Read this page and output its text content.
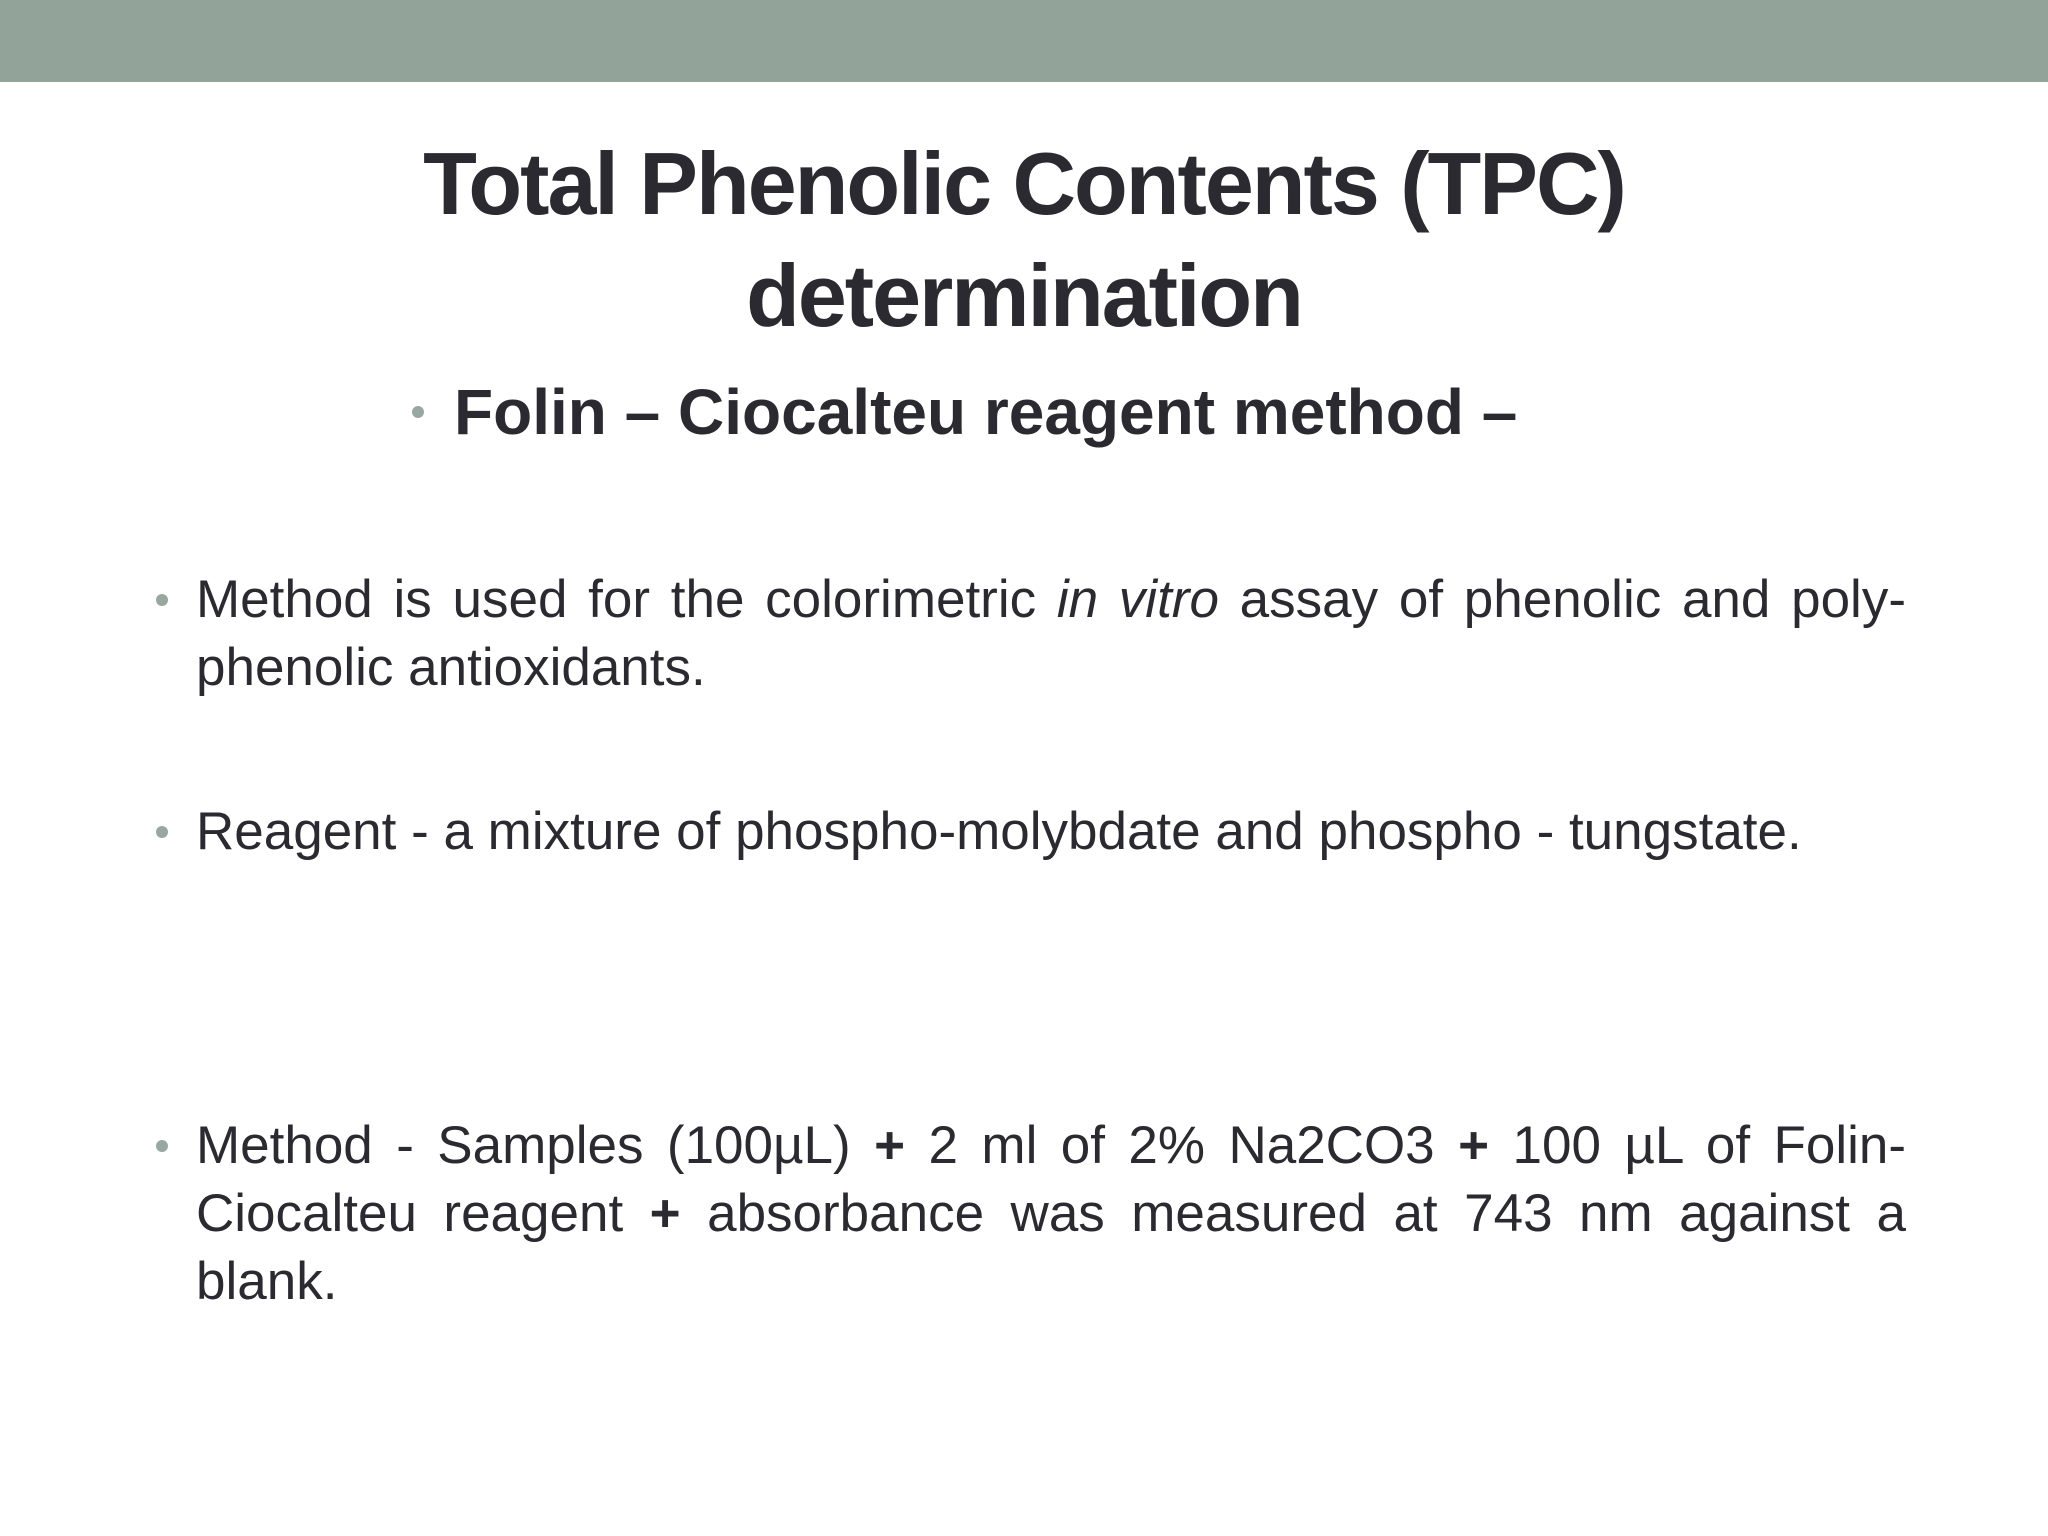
Total Phenolic Contents (TPC)
determination
Folin – Ciocalteu reagent method –
Method is used for the colorimetric in vitro assay of phenolic and poly-phenolic antioxidants.
Reagent - a mixture of phospho-molybdate and phospho - tungstate.
Method - Samples (100µL) + 2 ml of 2% Na2CO3 + 100 µL of Folin-Ciocalteu reagent + absorbance was measured at 743 nm against a blank.
